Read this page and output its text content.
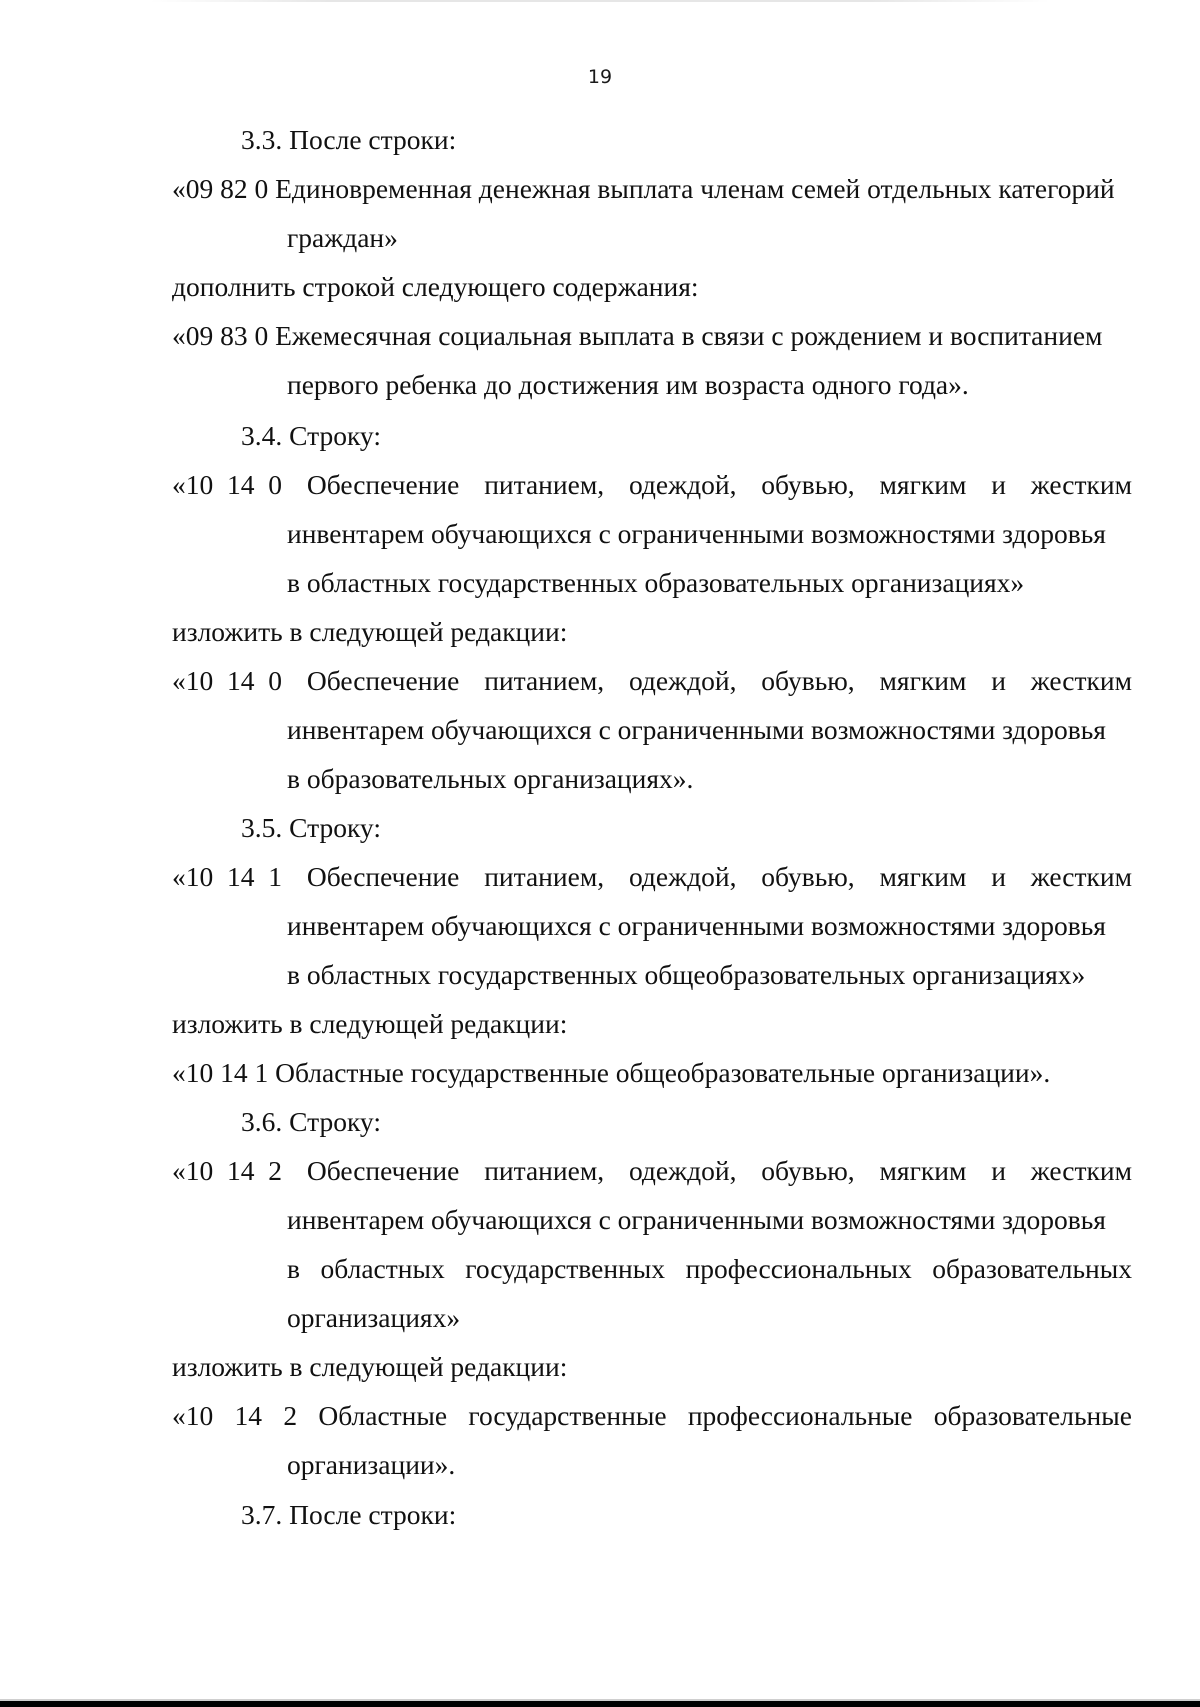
19
3.3. После строки:
«09 82 0 Единовременная денежная выплата членам семей отдельных категорий
граждан»
дополнить строкой следующего содержания:
«09 83 0 Ежемесячная социальная выплата в связи с рождением и воспитанием
первого ребенка до достижения им возраста одного года».
3.4. Строку:
«10  14  0 Обеспечение питанием, одеждой, обувью, мягким и жестким
инвентарем обучающихся с ограниченными возможностями здоровья
в областных государственных образовательных организациях»
изложить в следующей редакции:
«10  14  0 Обеспечение питанием, одеждой, обувью, мягким и жестким
инвентарем обучающихся с ограниченными возможностями здоровья
в образовательных организациях».
3.5. Строку:
«10  14  1 Обеспечение питанием, одеждой, обувью, мягким и жестким
инвентарем обучающихся с ограниченными возможностями здоровья
в областных государственных общеобразовательных организациях»
изложить в следующей редакции:
«10 14 1 Областные государственные общеобразовательные организации».
3.6. Строку:
«10  14  2 Обеспечение питанием, одеждой, обувью, мягким и жестким
инвентарем обучающихся с ограниченными возможностями здоровья
в областных государственных профессиональных образовательных
организациях»
изложить в следующей редакции:
«10 14 2 Областные государственные профессиональные образовательные
организации».
3.7. После строки:
